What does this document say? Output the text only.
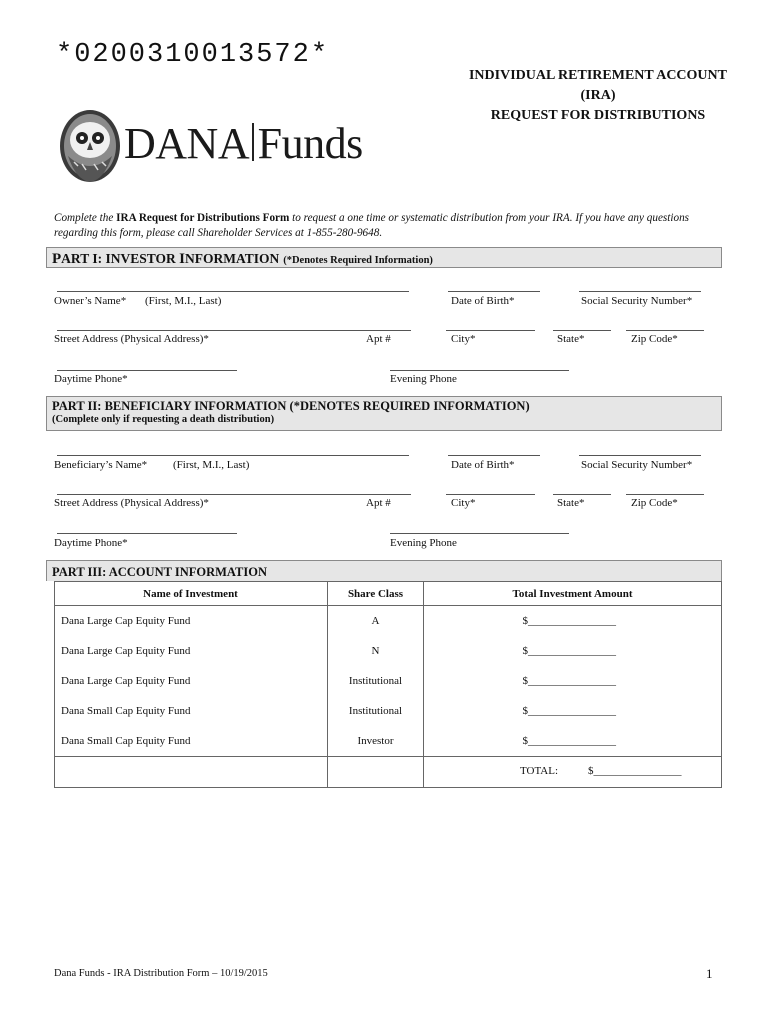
*0200310013572*
INDIVIDUAL RETIREMENT ACCOUNT
(IRA)
REQUEST FOR DISTRIBUTIONS
DANA Funds
Complete the IRA Request for Distributions Form to request a one time or systematic distribution from your IRA. If you have any questions regarding this form, please call Shareholder Services at 1-855-280-9648.
PART I: INVESTOR INFORMATION (*Denotes Required Information)
Owner’s Name* (First, M.I., Last)	Date of Birth*	Social Security Number*
Street Address (Physical Address)*	Apt #	City*	State*	Zip Code*
Daytime Phone*	Evening Phone
PART II: BENEFICIARY INFORMATION (*DENOTES REQUIRED INFORMATION)
(Complete only if requesting a death distribution)
Beneficiary’s Name* (First, M.I., Last)	Date of Birth*	Social Security Number*
Street Address (Physical Address)*	Apt #	City*	State*	Zip Code*
Daytime Phone*	Evening Phone
PART III: ACCOUNT INFORMATION
Name of Investment	Share Class	Total Investment Amount
Dana Large Cap Equity Fund	A	$________________
Dana Large Cap Equity Fund	N	$________________
Dana Large Cap Equity Fund	Institutional	$________________
Dana Small Cap Equity Fund	Institutional	$________________
Dana Small Cap Equity Fund	Investor	$________________

		TOTAL: $________________
Dana Funds - IRA Distribution Form – 10/19/2015	1
